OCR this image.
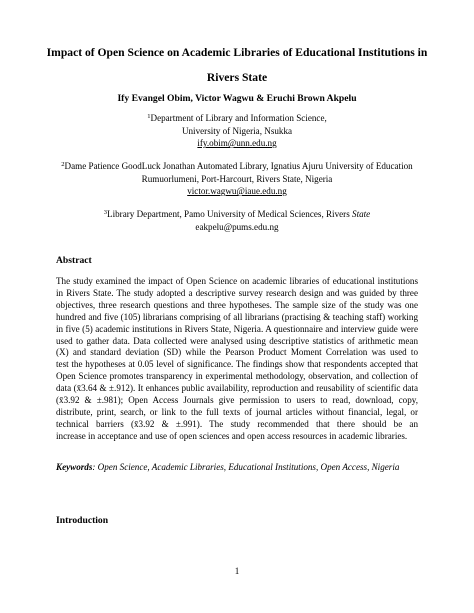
Impact of Open Science on Academic Libraries of Educational Institutions in
Rivers State
Ify Evangel Obim, Victor Wagwu & Eruchi Brown Akpelu
$^1$Department of Library and Information Science,
University of Nigeria, Nsukka
ify.obim@unn.edu.ng
$^2$Dame Patience GoodLuck Jonathan Automated Library, Ignatius Ajuru University of Education
Rumuorlumeni, Port-Harcourt, Rivers State, Nigeria
victor.wagwu@iaue.edu.ng
$^3$Library Department, Pamo University of Medical Sciences, Rivers State
eakpelu@pums.edu.ng
Abstract
The study examined the impact of Open Science on academic libraries of educational institutions
in Rivers State. The study adopted a descriptive survey research design and was guided by three
objectives, three research questions and three hypotheses. The sample size of the study was one
hundred and five (105) librarians comprising of all librarians (practising & teaching staff) working
in five (5) academic institutions in Rivers State, Nigeria. A questionnaire and interview guide were
used to gather data. Data collected were analysed using descriptive statistics of arithmetic mean
(X) and standard deviation (SD) while the Pearson Product Moment Correlation was used to
test the hypotheses at 0.05 level of significance. The findings show that respondents accepted that
Open Science promotes transparency in experimental methodology, observation, and collection of
data (x̄3.64 & ±.912). It enhances public availability, reproduction and reusability of scientific data
(x̄3.92 & ±.981); Open Access Journals give permission to users to read, download, copy,
distribute, print, search, or link to the full texts of journal articles without financial, legal, or
technical barriers (x̄3.92 & ±.991). The study recommended that there should be an
increase in acceptance and use of open sciences and open access resources in academic libraries.
Keywords: Open Science, Academic Libraries, Educational Institutions, Open Access, Nigeria
Introduction
1
